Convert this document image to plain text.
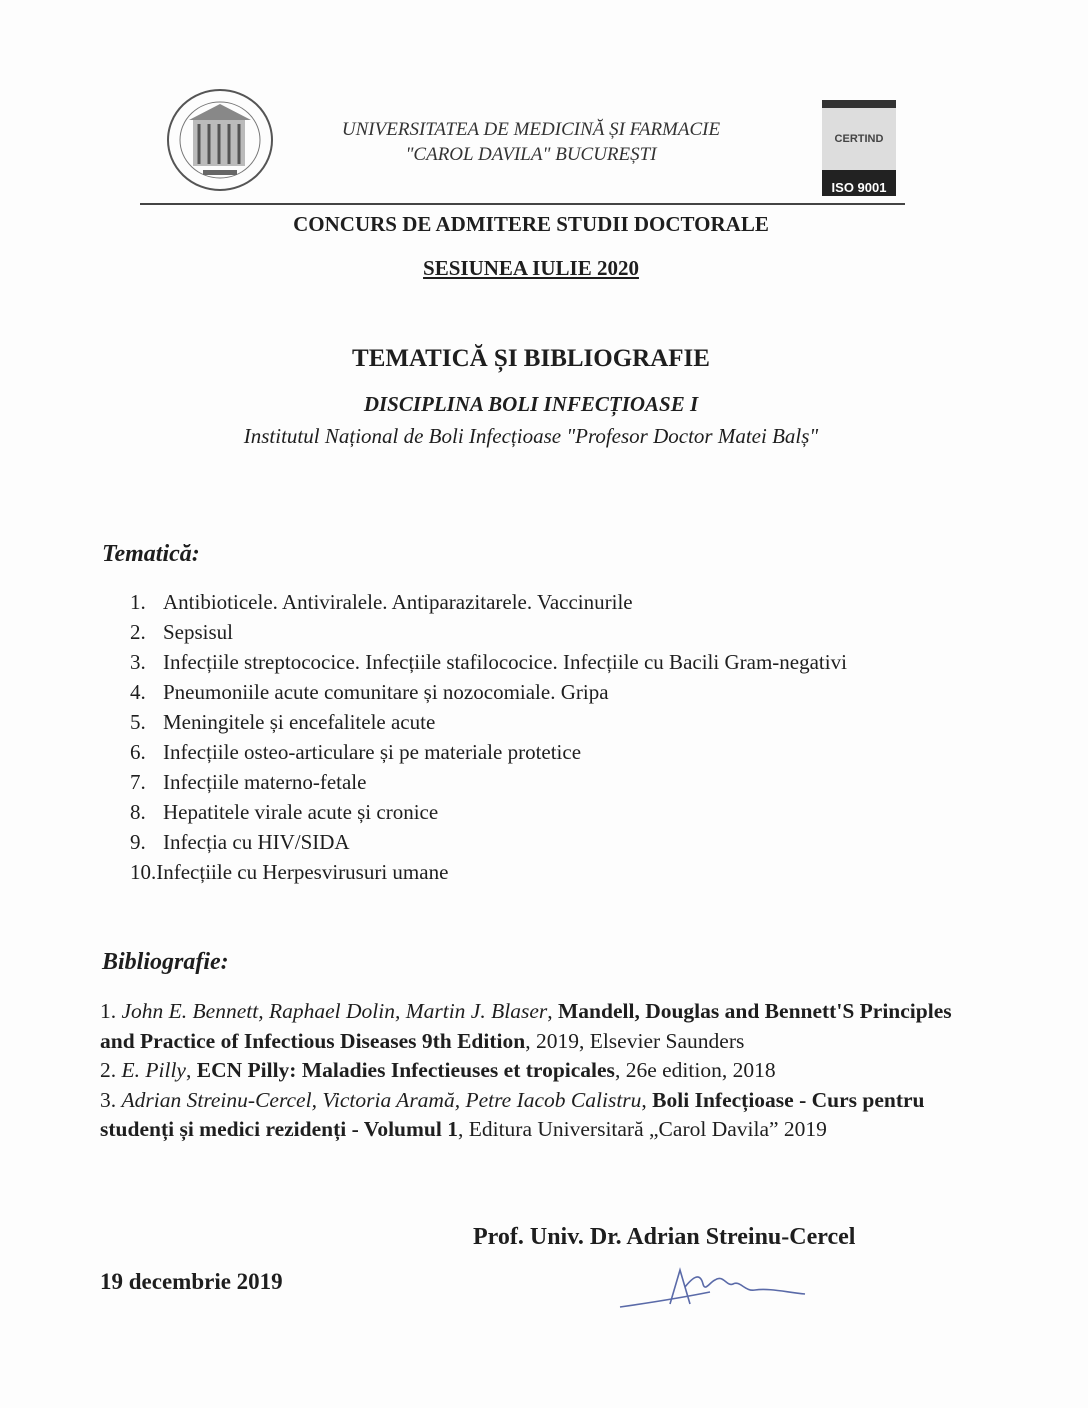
UNIVERSITATEA DE MEDICINĂ ȘI FARMACIE
"CAROL DAVILA" BUCUREȘTI
CERTIND
ISO 9001
CONCURS DE ADMITERE STUDII DOCTORALE
SESIUNEA IULIE 2020
TEMATICĂ ȘI BIBLIOGRAFIE
DISCIPLINA BOLI INFECȚIOASE I
Institutul Național de Boli Infecțioase "Profesor Doctor Matei Balș"
Tematică:
1. Antibioticele. Antiviralele. Antiparazitarele. Vaccinurile
2. Sepsisul
3. Infecțiile streptococice. Infecțiile stafilococice. Infecțiile cu Bacili Gram-negativi
4. Pneumoniile acute comunitare și nozocomiale. Gripa
5. Meningitele și encefalitele acute
6. Infecțiile osteo-articulare și pe materiale protetice
7. Infecțiile materno-fetale
8. Hepatitele virale acute și cronice
9. Infecția cu HIV/SIDA
10.Infecțiile cu Herpesvirusuri umane
Bibliografie:
1. John E. Bennett, Raphael Dolin, Martin J. Blaser, Mandell, Douglas and Bennett'S Principles and Practice of Infectious Diseases 9th Edition, 2019, Elsevier Saunders
2. E. Pilly, ECN Pilly: Maladies Infectieuses et tropicales, 26e edition, 2018
3. Adrian Streinu-Cercel, Victoria Aramă, Petre Iacob Calistru, Boli Infecțioase - Curs pentru studenți și medici rezidenți - Volumul 1, Editura Universitară „Carol Davila” 2019
Prof. Univ. Dr. Adrian Streinu-Cercel
19 decembrie 2019
